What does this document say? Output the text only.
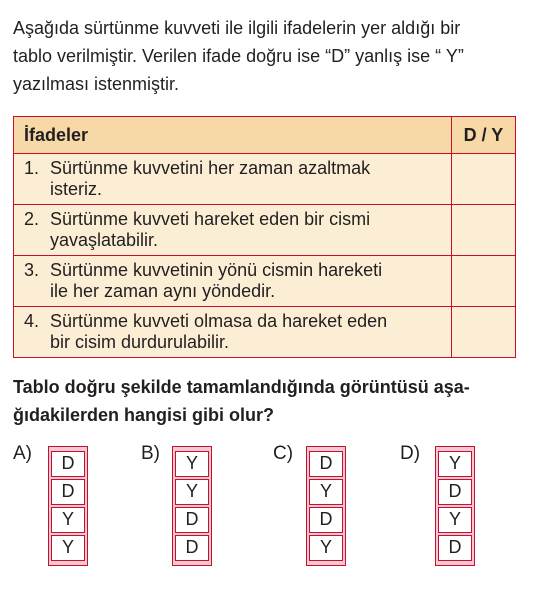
Aşağıda sürtünme kuvveti ile ilgili ifadelerin yer aldığı bir
tablo verilmiştir. Verilen ifade doğru ise “D” yanlış ise “ Y”
yazılması istenmiştir.
İfadeler	D / Y

1. Sürtünme kuvvetini her zaman azaltmak
isteriz.	

2. Sürtünme kuvveti hareket eden bir cismi
yavaşlatabilir.	

3. Sürtünme kuvvetinin yönü cismin hareketi
ile her zaman aynı yöndedir.	

4. Sürtünme kuvveti olmasa da hareket eden
bir cisim durdurulabilir.	

Tablo doğru şekilde tamamlandığında görüntüsü aşa-
ğıdakilerden hangisi gibi olur?
A)	D
D
Y
Y
B)	Y
Y
D
D
C)	D
Y
D
Y
D)	Y
D
Y
D
